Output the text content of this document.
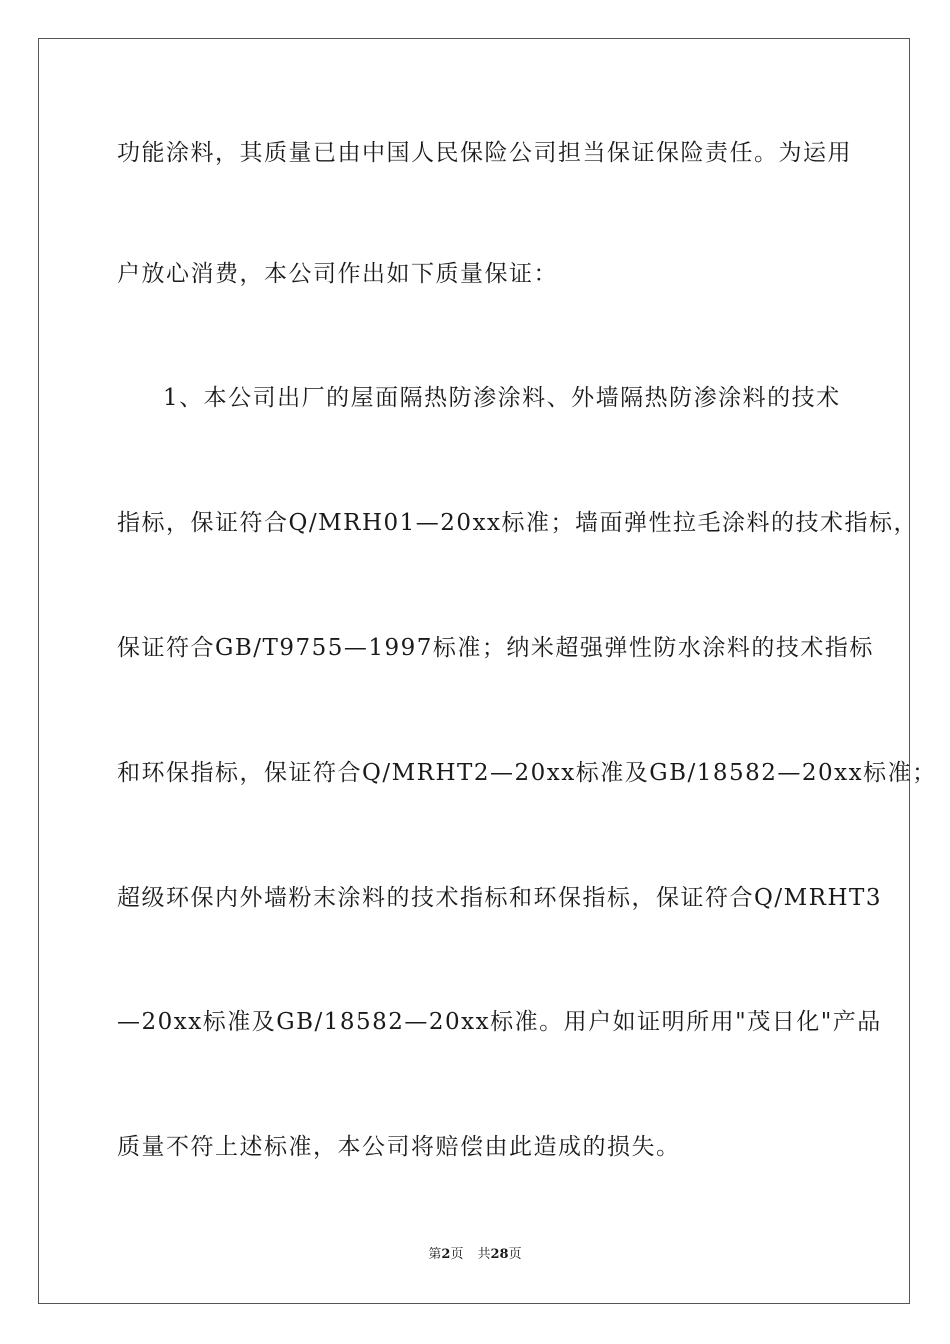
功能涂料，其质量已由中国人民保险公司担当保证保险责任。为运用
户放心消费，本公司作出如下质量保证：
1、本公司出厂的屋面隔热防渗涂料、外墙隔热防渗涂料的技术
指标，保证符合Q/MRH01—20xx标准；墙面弹性拉毛涂料的技术指标，
保证符合GB/T9755—1997标准；纳米超强弹性防水涂料的技术指标
和环保指标，保证符合Q/MRHT2—20xx标准及GB/18582—20xx标准；
超级环保内外墙粉末涂料的技术指标和环保指标，保证符合Q/MRHT3
—20xx标准及GB/18582—20xx标准。用户如证明所用"茂日化"产品
质量不符上述标准，本公司将赔偿由此造成的损失。
第2页 共28页
